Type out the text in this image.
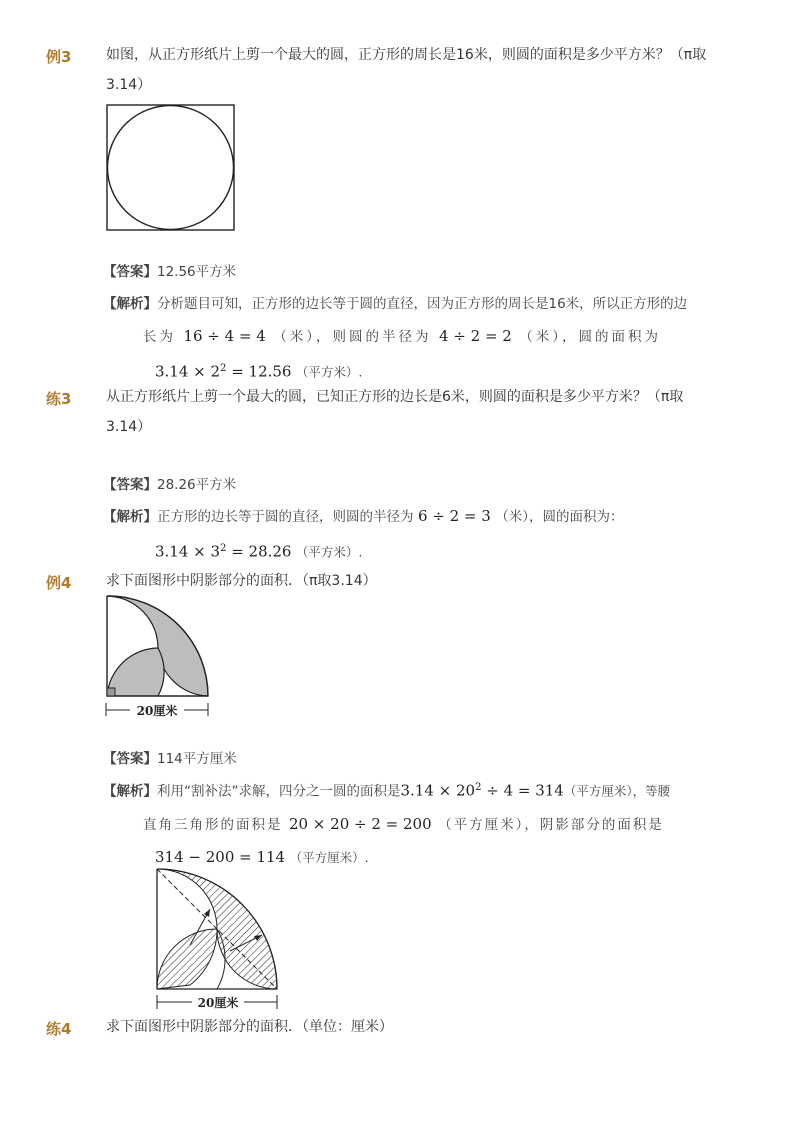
例3 如图，从正方形纸片上剪一个最大的圆，正方形的周长是16米，则圆的面积是多少平方米？（π取
3.14）
【答案】12.56平方米
【解析】分析题目可知，正方形的边长等于圆的直径，因为正方形的周长是16米，所以正方形的边
长为 16 ÷ 4 = 4 （米），则圆的半径为 4 ÷ 2 = 2 （米），圆的面积为
$3.14 \times 2^2 = 12.56$ （平方米）.
练3 从正方形纸片上剪一个最大的圆，已知正方形的边长是6米，则圆的面积是多少平方米？（π取
3.14）
【答案】28.26平方米
【解析】正方形的边长等于圆的直径，则圆的半径为 6 ÷ 2 = 3 （米），圆的面积为：
$3.14 \times 3^2 = 28.26$ （平方米）.
例4 求下面图形中阴影部分的面积．（π取3.14）
20厘米
【答案】114平方厘米
【解析】利用“割补法”求解，四分之一圆的面积是$3.14 \times 20^2 \div 4 = 314$（平方厘米），等腰
直角三角形的面积是 20 × 20 ÷ 2 = 200 （平方厘米），阴影部分的面积是
314 − 200 = 114 （平方厘米）.
20厘米
练4 求下面图形中阴影部分的面积．（单位：厘米）
